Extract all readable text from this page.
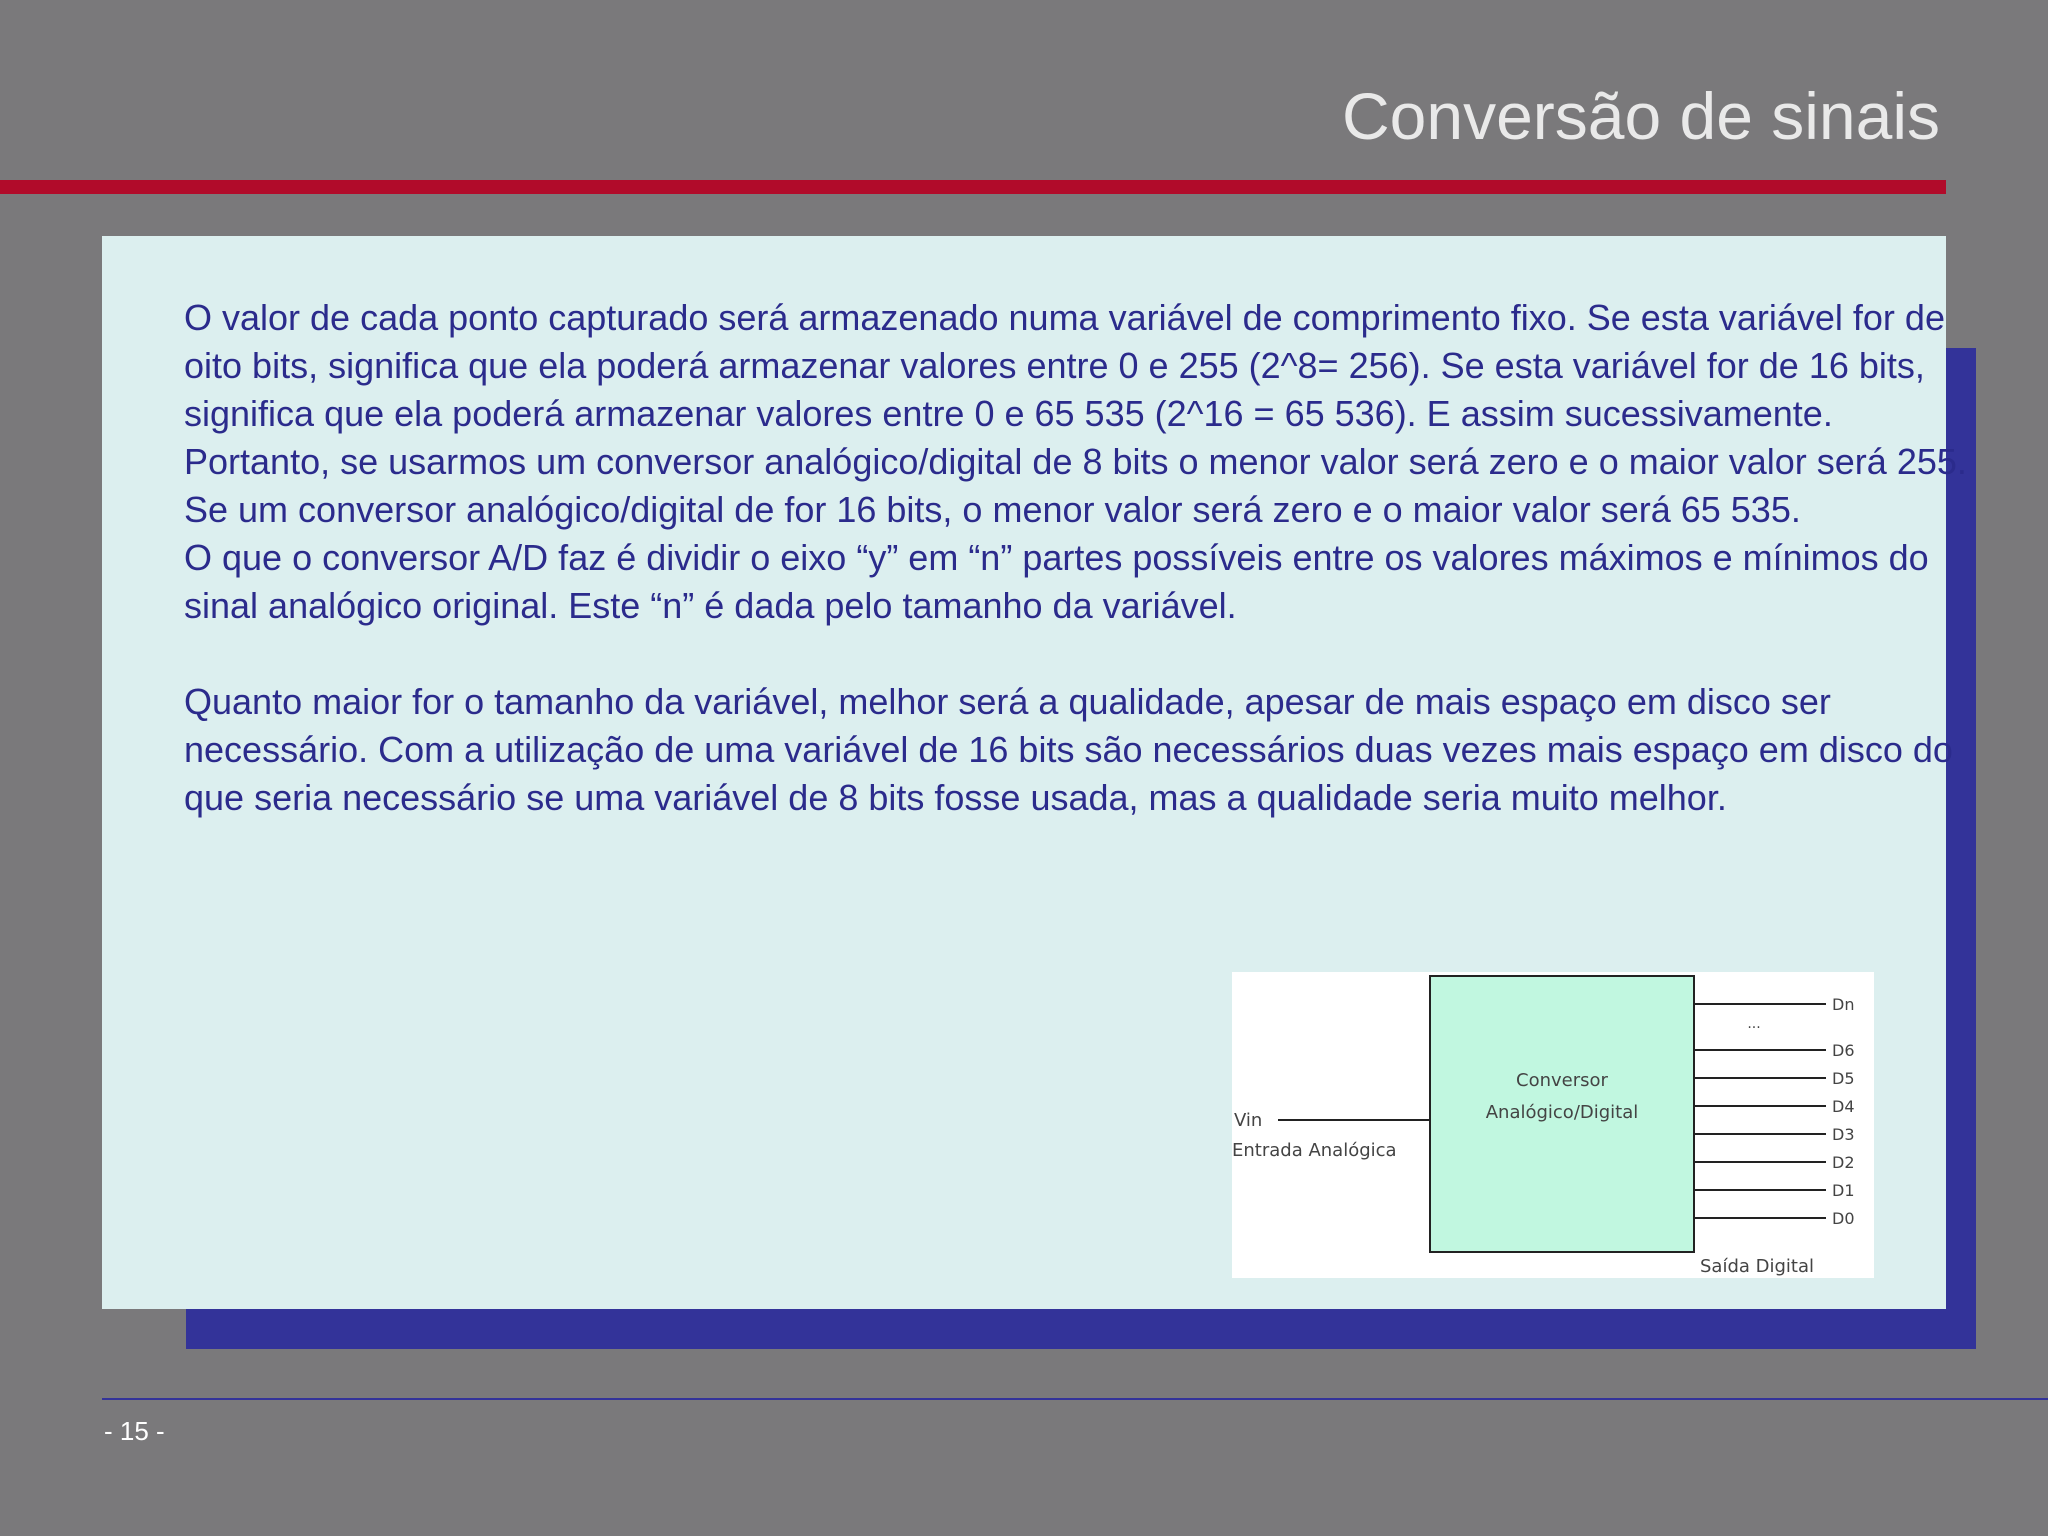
Conversão de sinais

O valor de cada ponto capturado será armazenado numa variável de comprimento fixo. Se esta variável for de oito bits, significa que ela poderá armazenar valores entre 0 e 255 (2^8= 256). Se esta variável for de 16 bits, significa que ela poderá armazenar valores entre 0 e 65 535 (2^16 = 65 536). E assim sucessivamente.

Portanto, se usarmos um conversor analógico/digital de 8 bits o menor valor será zero e o maior valor será 255. Se um conversor analógico/digital de for 16 bits, o menor valor será zero e o maior valor será 65 535.

O que o conversor A/D faz é dividir o eixo “y” em “n” partes possíveis entre os valores máximos e mínimos do sinal analógico original. Este “n” é dada pelo tamanho da variável.

Quanto maior for o tamanho da variável, melhor será a qualidade, apesar de mais espaço em disco ser necessário. Com a utilização de uma variável de 16 bits são necessários duas vezes mais espaço em disco do que seria necessário se uma variável de 8 bits fosse usada, mas a qualidade seria muito melhor.

Conversor
Analógico/Digital
Vin
Entrada Analógica
...
Dn
D6
D5
D4
D3
D2
D1
D0
Saída Digital
- 15 -
